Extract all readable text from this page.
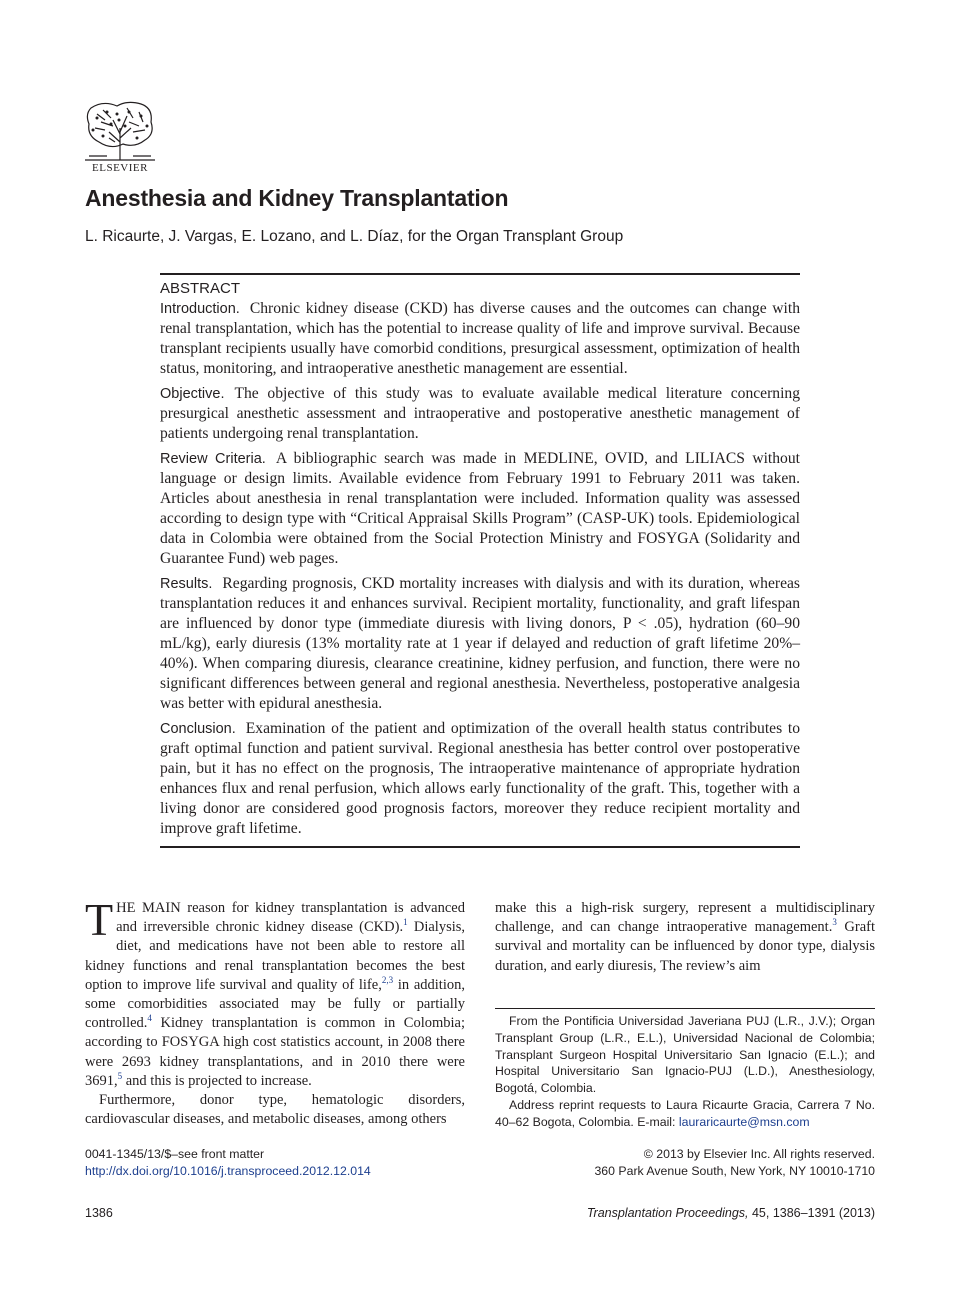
ELSEVIER
Anesthesia and Kidney Transplantation
L. Ricaurte, J. Vargas, E. Lozano, and L. Díaz, for the Organ Transplant Group
ABSTRACT

Introduction. Chronic kidney disease (CKD) has diverse causes and the outcomes can change with renal transplantation, which has the potential to increase quality of life and improve survival. Because transplant recipients usually have comorbid conditions, presurgical assessment, optimization of health status, monitoring, and intraoperative anesthetic management are essential.

Objective. The objective of this study was to evaluate available medical literature concerning presurgical anesthetic assessment and intraoperative and postoperative anesthetic management of patients undergoing renal transplantation.

Review Criteria. A bibliographic search was made in MEDLINE, OVID, and LILIACS without language or design limits. Available evidence from February 1991 to February 2011 was taken. Articles about anesthesia in renal transplantation were included. Information quality was assessed according to design type with “Critical Appraisal Skills Program” (CASP-UK) tools. Epidemiological data in Colombia were obtained from the Social Protection Ministry and FOSYGA (Solidarity and Guarantee Fund) web pages.

Results. Regarding prognosis, CKD mortality increases with dialysis and with its duration, whereas transplantation reduces it and enhances survival. Recipient mortality, functionality, and graft lifespan are influenced by donor type (immediate diuresis with living donors, P < .05), hydration (60–90 mL/kg), early diuresis (13% mortality rate at 1 year if delayed and reduction of graft lifetime 20%–40%). When comparing diuresis, clearance creatinine, kidney perfusion, and function, there were no significant differences between general and regional anesthesia. Nevertheless, postoperative analgesia was better with epidural anesthesia.

Conclusion. Examination of the patient and optimization of the overall health status contributes to graft optimal function and patient survival. Regional anesthesia has better control over postoperative pain, but it has no effect on the prognosis, The intraoperative maintenance of appropriate hydration enhances flux and renal perfusion, which allows early functionality of the graft. This, together with a living donor are considered good prognosis factors, moreover they reduce recipient mortality and improve graft lifetime.

THE MAIN reason for kidney transplantation is advanced and irreversible chronic kidney disease (CKD).$^1$ Dialysis, diet, and medications have not been able to restore all kidney functions and renal transplantation becomes the best option to improve life survival and quality of life,$^{2,3}$ in addition, some comorbidities associated may be fully or partially controlled.$^4$ Kidney transplantation is common in Colombia; according to FOSYGA high cost statistics account, in 2008 there were 2693 kidney transplantations, and in 2010 there were 3691,$^5$ and this is projected to increase.

Furthermore, donor type, hematologic disorders, cardiovascular diseases, and metabolic diseases, among others

make this a high-risk surgery, represent a multidisciplinary challenge, and can change intraoperative management.$^3$ Graft survival and mortality can be influenced by donor type, dialysis duration, and early diuresis, The review’s aim

From the Pontificia Universidad Javeriana PUJ (L.R., J.V.); Organ Transplant Group (L.R., E.L.), Universidad Nacional de Colombia; Transplant Surgeon Hospital Universitario San Ignacio (E.L.); and Hospital Universitario San Ignacio-PUJ (L.D.), Anesthesiology, Bogotá, Colombia.

Address reprint requests to Laura Ricaurte Gracia, Carrera 7 No. 40–62 Bogota, Colombia. E-mail: lauraricaurte@msn.com

0041-1345/13/$–see front matter
http://dx.doi.org/10.1016/j.transproceed.2012.12.014
© 2013 by Elsevier Inc. All rights reserved.
360 Park Avenue South, New York, NY 10010-1710
1386	Transplantation Proceedings, 45, 1386–1391 (2013)
